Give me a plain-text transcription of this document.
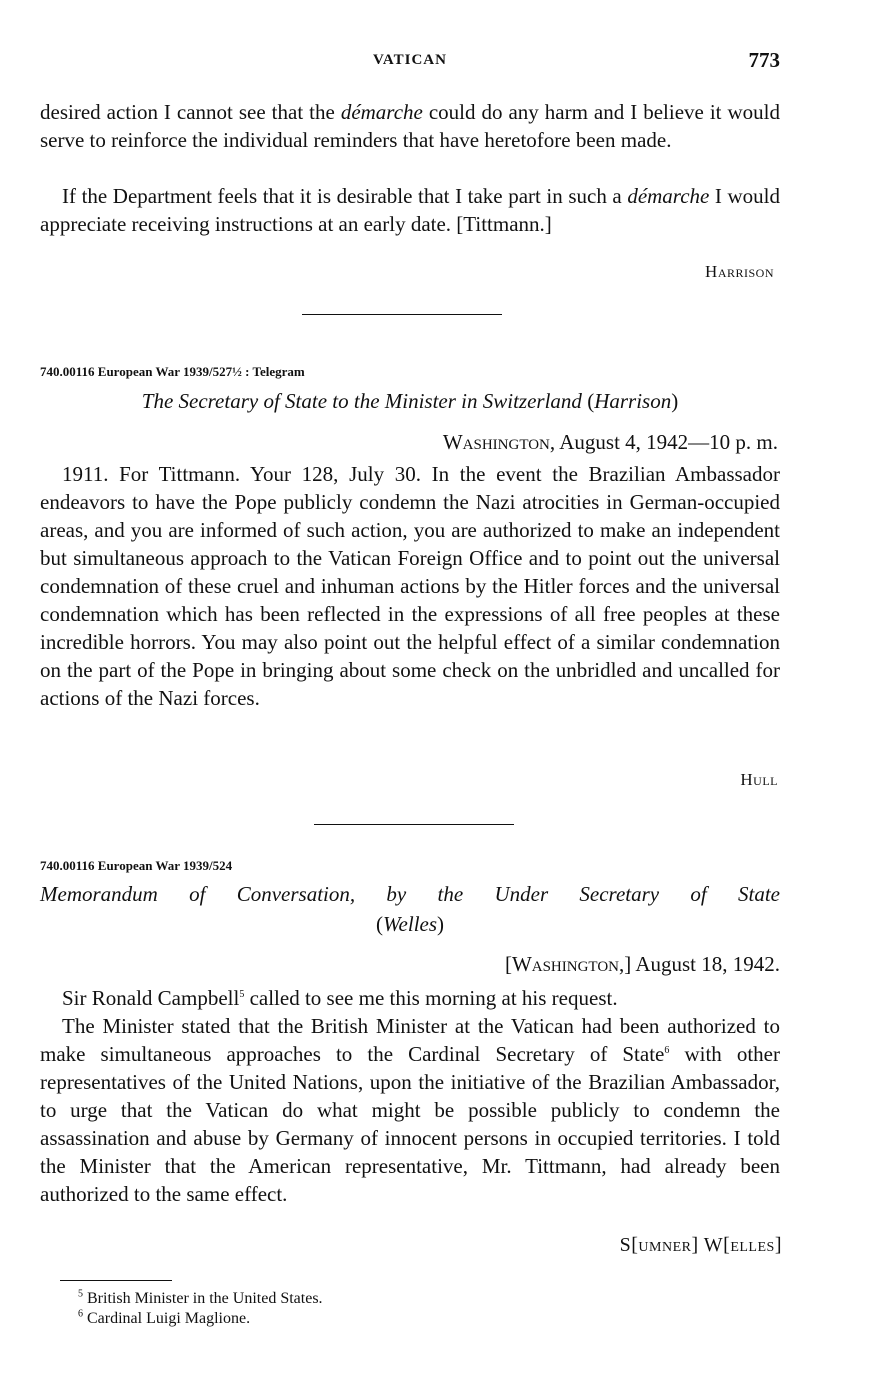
VATICAN	773
desired action I cannot see that the démarche could do any harm and I believe it would serve to reinforce the individual reminders that have heretofore been made.
If the Department feels that it is desirable that I take part in such a démarche I would appreciate receiving instructions at an early date. [Tittmann.]
Harrison
740.00116 European War 1939/527½ : Telegram
The Secretary of State to the Minister in Switzerland (Harrison)
Washington, August 4, 1942—10 p. m.
1911. For Tittmann. Your 128, July 30. In the event the Brazilian Ambassador endeavors to have the Pope publicly condemn the Nazi atrocities in German-occupied areas, and you are informed of such action, you are authorized to make an independent but simultaneous approach to the Vatican Foreign Office and to point out the universal condemnation of these cruel and inhuman actions by the Hitler forces and the universal condemnation which has been reflected in the expressions of all free peoples at these incredible horrors. You may also point out the helpful effect of a similar condemnation on the part of the Pope in bringing about some check on the unbridled and uncalled for actions of the Nazi forces.
Hull
740.00116 European War 1939/524
Memorandum of Conversation, by the Under Secretary of State
(Welles)
[Washington,] August 18, 1942.
Sir Ronald Campbell$^5$ called to see me this morning at his request.
The Minister stated that the British Minister at the Vatican had been authorized to make simultaneous approaches to the Cardinal Secretary of State$^6$ with other representatives of the United Nations, upon the initiative of the Brazilian Ambassador, to urge that the Vatican do what might be possible publicly to condemn the assassination and abuse by Germany of innocent persons in occupied territories. I told the Minister that the American representative, Mr. Tittmann, had already been authorized to the same effect.
S[umner] W[elles]
$^5$ British Minister in the United States.
$^6$ Cardinal Luigi Maglione.
